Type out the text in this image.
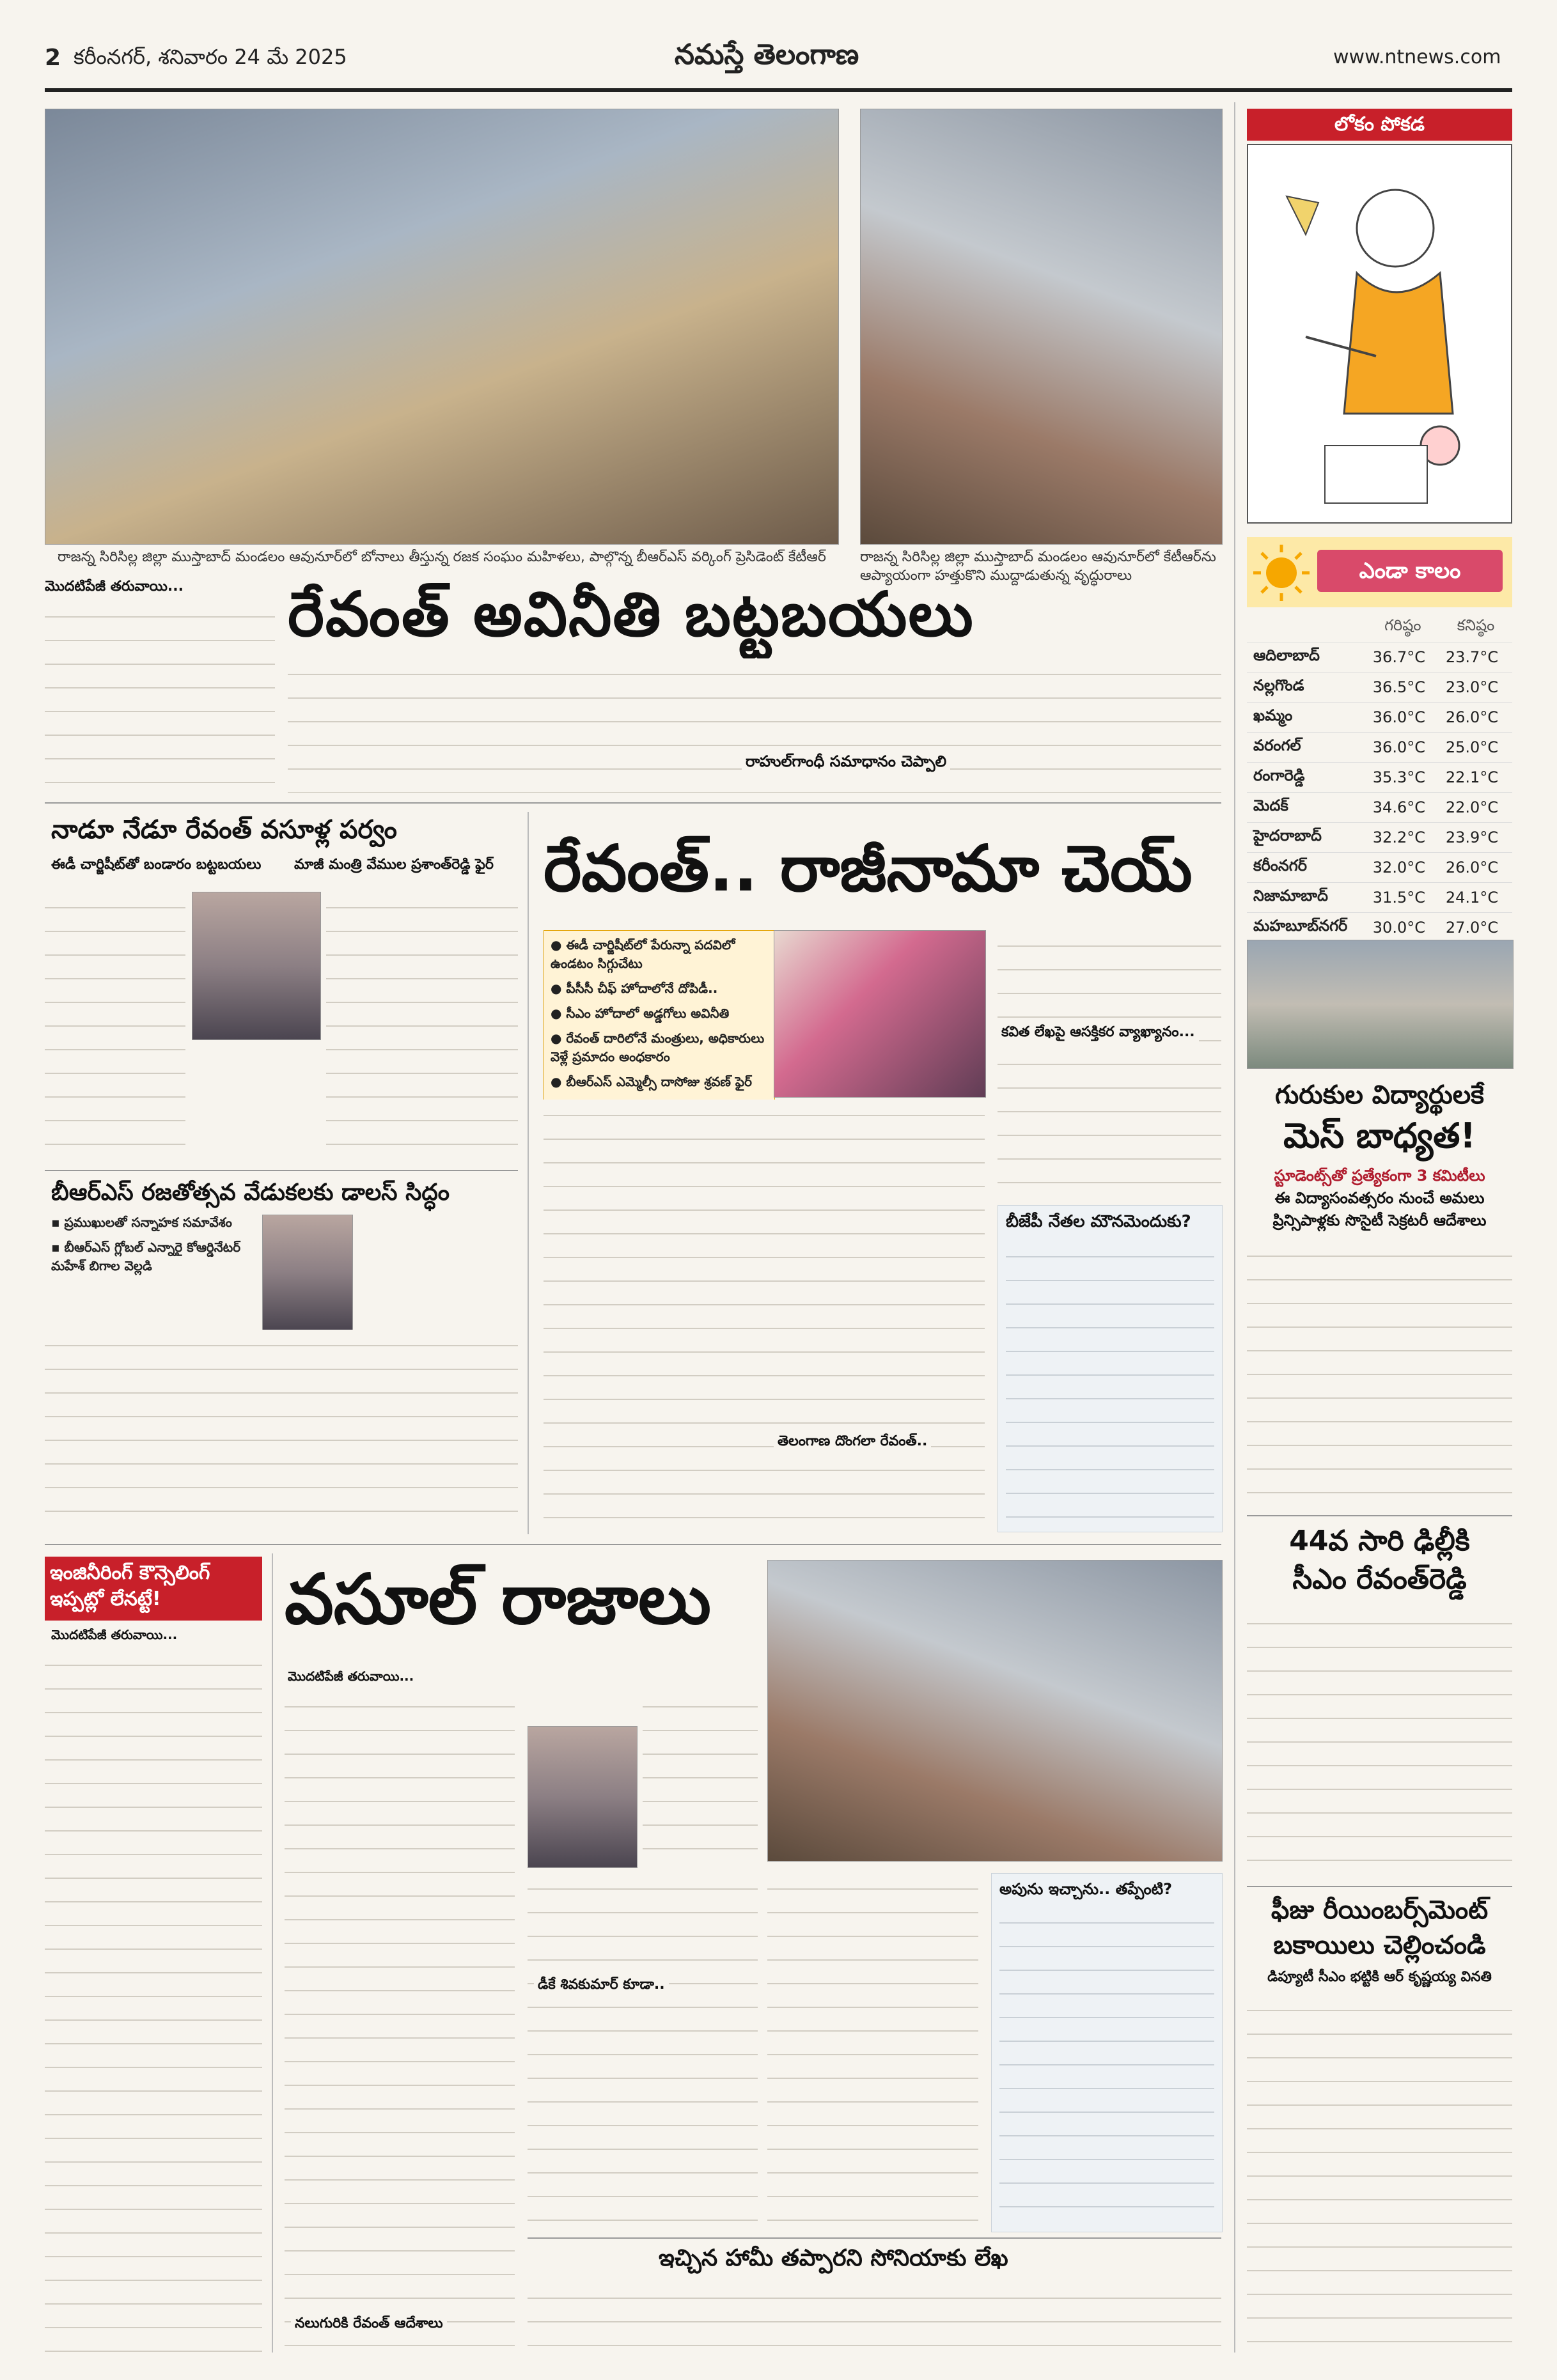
2 కరీంనగర్, శనివారం 24 మే 2025	నమస్తే తెలంగాణ	www.ntnews.com
రాజన్న సిరిసిల్ల జిల్లా ముస్తాబాద్ మండలం ఆవునూర్‌లో బోనాలు తీస్తున్న రజక సంఘం మహిళలు, పాల్గొన్న బీఆర్‌ఎస్ వర్కింగ్ ప్రెసిడెంట్ కేటీఆర్	రాజన్న సిరిసిల్ల జిల్లా ముస్తాబాద్ మండలం ఆవునూర్‌లో కేటీఆర్‌ను ఆప్యాయంగా హత్తుకొని ముద్దాడుతున్న వృద్ధురాలు
లోకం పోకడ
ఎండా కాలం
	గరిష్ఠం	కనిష్ఠం
ఆదిలాబాద్	36.7°C	23.7°C
నల్లగొండ	36.5°C	23.0°C
ఖమ్మం	36.0°C	26.0°C
వరంగల్	36.0°C	25.0°C
రంగారెడ్డి	35.3°C	22.1°C
మెదక్	34.6°C	22.0°C
హైదరాబాద్	32.2°C	23.9°C
కరీంనగర్	32.0°C	26.0°C
నిజామాబాద్	31.5°C	24.1°C
మహబూబ్‌నగర్	30.0°C	27.0°C
గురుకుల విద్యార్థులకే
మెస్ బాధ్యత!
స్టూడెంట్స్‌తో ప్రత్యేకంగా 3 కమిటీలు
ఈ విద్యాసంవత్సరం నుంచే అమలు
ప్రిన్సిపాళ్లకు సొసైటీ సెక్రటరీ ఆదేశాలు
44వ సారి ఢిల్లీకి
సీఎం రేవంత్‌రెడ్డి
ఫీజు రీయింబర్స్‌మెంట్
బకాయిలు చెల్లించండి
డిప్యూటీ సీఎం భట్టికి ఆర్ కృష్ణయ్య వినతి
మొదటిపేజీ తరువాయి... రేవంత్ అవినీతి బట్టబయలు
రాహుల్‌గాంధీ సమాధానం చెప్పాలి
నాడూ నేడూ రేవంత్ వసూళ్ల పర్వం
ఈడీ చార్జిషీట్‌తో బండారం బట్టబయలు మాజీ మంత్రి వేముల ప్రశాంత్‌రెడ్డి ఫైర్
బీఆర్‌ఎస్ రజతోత్సవ వేడుకలకు డాలస్ సిద్ధం
▪ ప్రముఖులతో సన్నాహక సమావేశం
▪ బీఆర్‌ఎస్ గ్లోబల్ ఎన్నారై కోఆర్డినేటర్ మహేశ్ బిగాల వెల్లడి
రేవంత్.. రాజీనామా చెయ్
● ఈడీ చార్జిషీట్‌లో పేరున్నా పదవిలో ఉండటం సిగ్గుచేటు
● పీసీసీ చీఫ్ హోదాలోనే దోపిడీ..
● సీఎం హోదాలో అడ్డగోలు అవినీతి
● రేవంత్ దారిలోనే మంత్రులు, అధికారులు వెళ్లే ప్రమాదం అంధకారం
● బీఆర్‌ఎస్ ఎమ్మెల్సీ దాసోజు శ్రవణ్ ఫైర్
తెలంగాణ దొంగలా రేవంత్..
కవిత లేఖపై ఆసక్తికర వ్యాఖ్యానం...
బీజేపీ నేతల మౌనమెందుకు?
ఇంజినీరింగ్ కౌన్సెలింగ్ ఇప్పట్లో లేనట్టే!
మొదటిపేజీ తరువాయి... వసూల్ రాజాలు
మొదటిపేజీ తరువాయి...
డీకే శివకుమార్ కూడా..
నలుగురికి రేవంత్ ఆదేశాలు
అపును ఇచ్చాను.. తప్పేంటి?
ఇచ్చిన హామీ తప్పారని సోనియాకు లేఖ
